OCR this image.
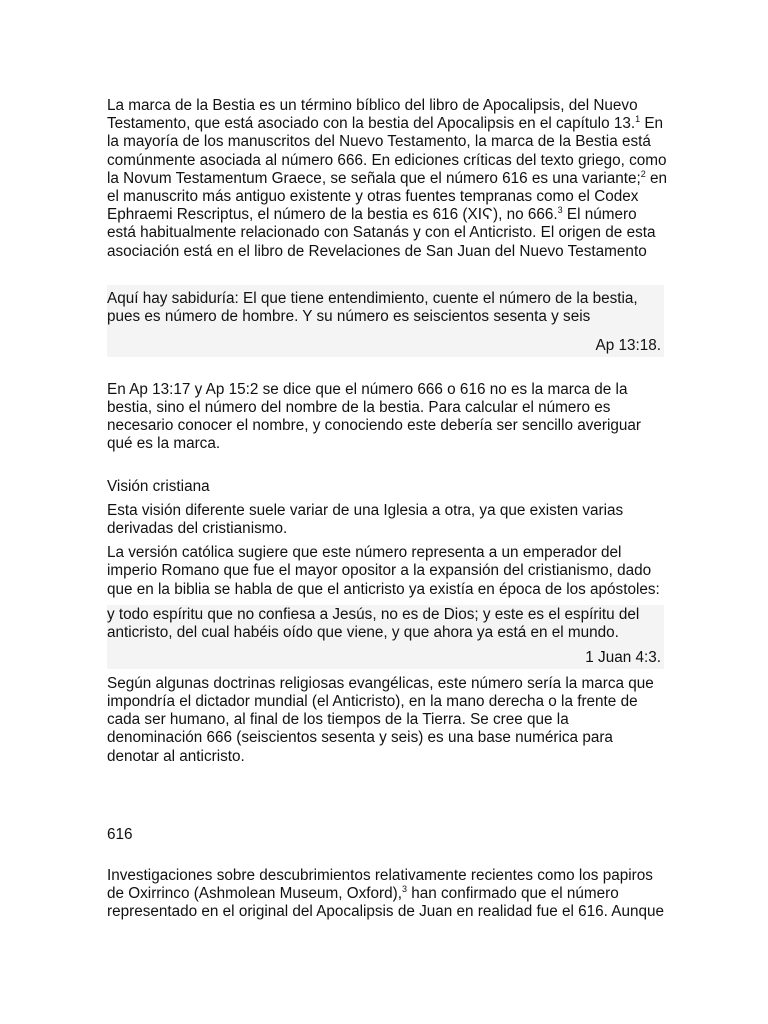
La marca de la Bestia es un término bíblico del libro de Apocalipsis, del Nuevo Testamento, que está asociado con la bestia del Apocalipsis en el capítulo 13.$^1$ En la mayoría de los manuscritos del Nuevo Testamento, la marca de la Bestia está comúnmente asociada al número 666. En ediciones críticas del texto griego, como la Novum Testamentum Graece, se señala que el número 616 es una variante;$^2$ en el manuscrito más antiguo existente y otras fuentes tempranas como el Codex Ephraemi Rescriptus, el número de la bestia es 616 (ΧΙϚ), no 666.$^3$ El número está habitualmente relacionado con Satanás y con el Anticristo. El origen de esta asociación está en el libro de Revelaciones de San Juan del Nuevo Testamento

Aquí hay sabiduría: El que tiene entendimiento, cuente el número de la bestia, pues es número de hombre. Y su número es seiscientos sesenta y seis
Ap 13:18.

En Ap 13:17 y Ap 15:2 se dice que el número 666 o 616 no es la marca de la bestia, sino el número del nombre de la bestia. Para calcular el número es necesario conocer el nombre, y conociendo este debería ser sencillo averiguar qué es la marca.

Visión cristiana

Esta visión diferente suele variar de una Iglesia a otra, ya que existen varias derivadas del cristianismo.

La versión católica sugiere que este número representa a un emperador del imperio Romano que fue el mayor opositor a la expansión del cristianismo, dado que en la biblia se habla de que el anticristo ya existía en época de los apóstoles:

y todo espíritu que no confiesa a Jesús, no es de Dios; y este es el espíritu del anticristo, del cual habéis oído que viene, y que ahora ya está en el mundo.
1 Juan 4:3.

Según algunas doctrinas religiosas evangélicas, este número sería la marca que impondría el dictador mundial (el Anticristo), en la mano derecha o la frente de cada ser humano, al final de los tiempos de la Tierra. Se cree que la denominación 666 (seiscientos sesenta y seis) es una base numérica para denotar al anticristo.

616

Investigaciones sobre descubrimientos relativamente recientes como los papiros de Oxirrinco (Ashmolean Museum, Oxford),$^3$ han confirmado que el número representado en el original del Apocalipsis de Juan en realidad fue el 616. Aunque
